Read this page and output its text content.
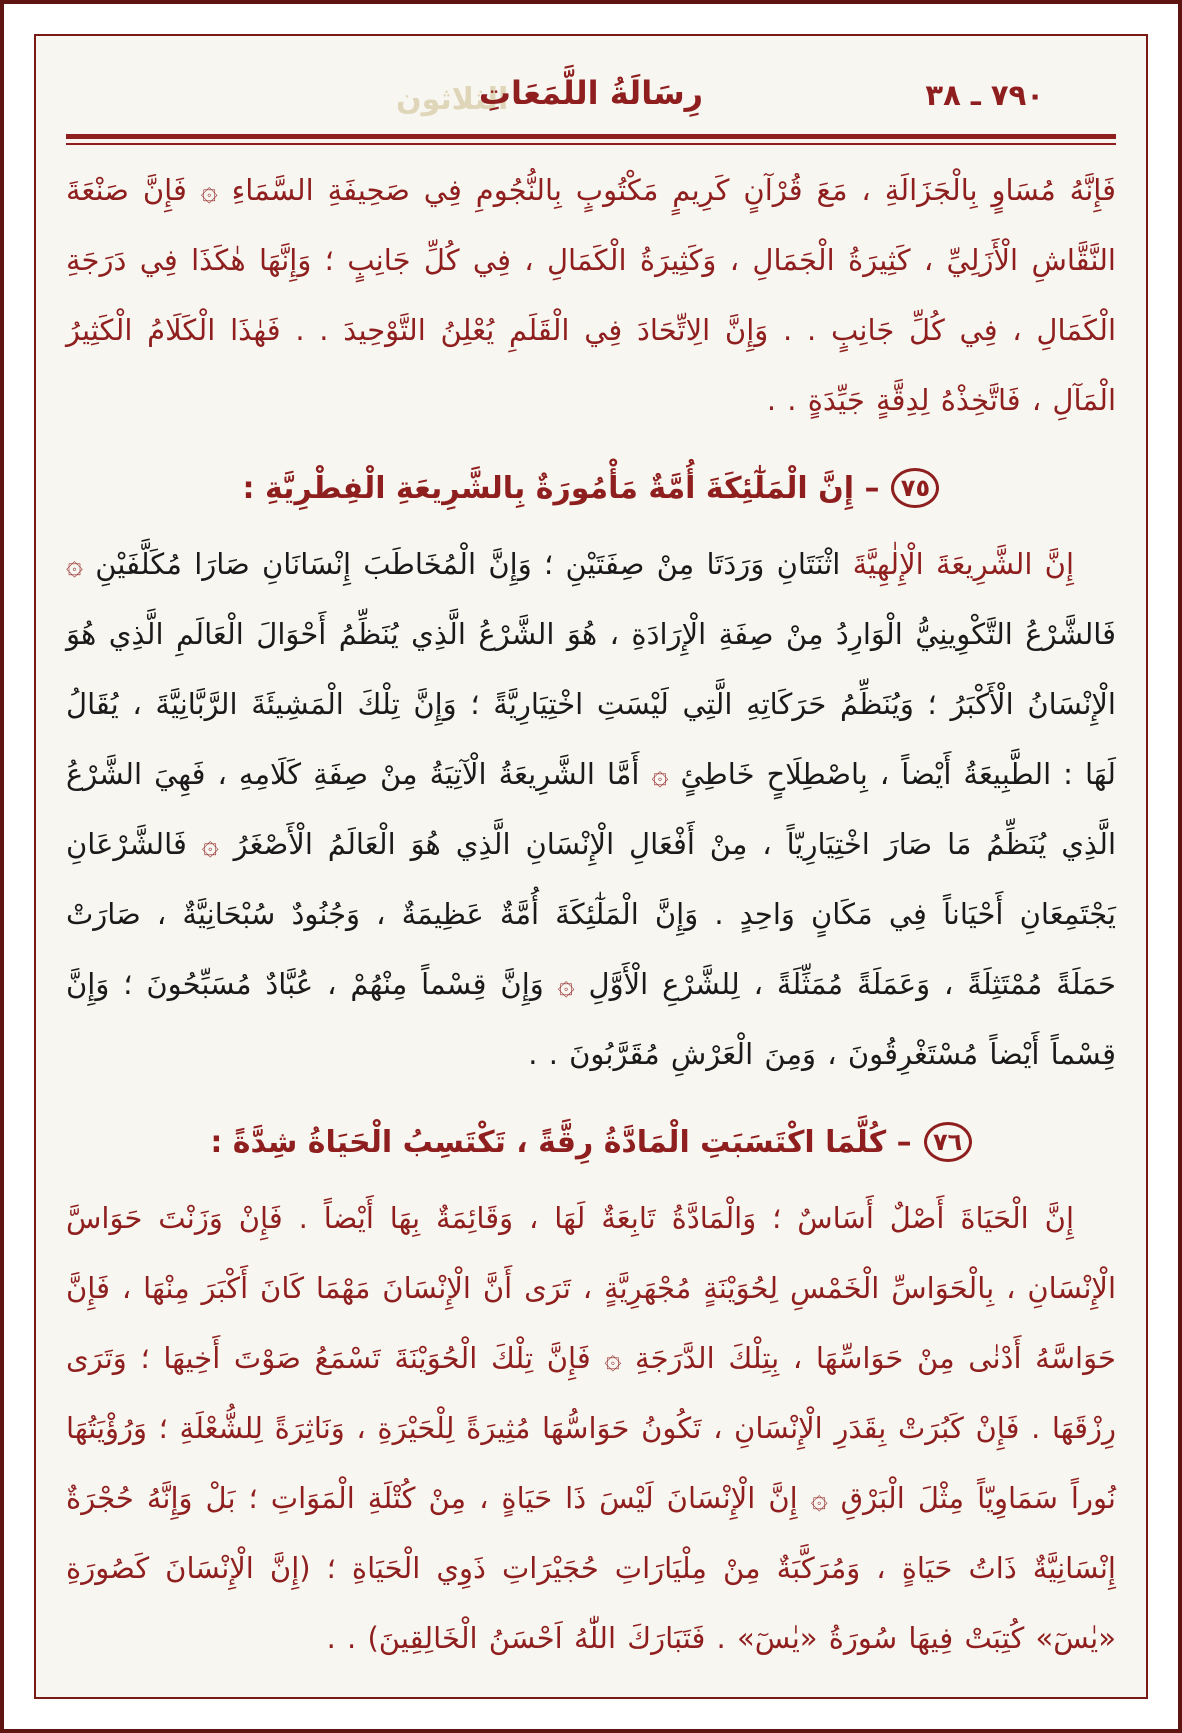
الثلاثون
رِسَالَةُ اللَّمَعَاتِ	٧٩٠ ـ ٣٨

فَإِنَّهُ مُسَاوٍ بِالْجَزَالَةِ ، مَعَ قُرْآنٍ كَرِيمٍ مَكْتُوبٍ بِالنُّجُومِ فِي صَحِيفَةِ السَّمَاءِ ۞ فَإِنَّ صَنْعَةَ النَّقَّاشِ الْأَزَلِيِّ ، كَثِيرَةُ الْجَمَالِ ، وَكَثِيرَةُ الْكَمَالِ ، فِي كُلِّ جَانِبٍ ؛ وَإِنَّهَا هٰكَذَا فِي دَرَجَةِ الْكَمَالِ ، فِي كُلِّ جَانِبٍ . . وَإِنَّ الِاتِّحَادَ فِي الْقَلَمِ يُعْلِنُ التَّوْحِيدَ . . فَهٰذَا الْكَلَامُ الْكَثِيرُ الْمَآلِ ، فَاتَّخِذْهُ لِدِقَّةٍ جَيِّدَةٍ . .

٧٥
– إِنَّ الْمَلٰٓئِكَةَ أُمَّةٌ مَأْمُورَةٌ بِالشَّرِيعَةِ الْفِطْرِيَّةِ :

إِنَّ الشَّرِيعَةَ الْإِلٰهِيَّةَ اثْنَتَانِ وَرَدَتَا مِنْ صِفَتَيْنِ ؛ وَإِنَّ الْمُخَاطَبَ إِنْسَانَانِ صَارَا مُكَلَّفَيْنِ ۞ فَالشَّرْعُ التَّكْوِينِيُّ الْوَارِدُ مِنْ صِفَةِ الْإِرَادَةِ ، هُوَ الشَّرْعُ الَّذِي يُنَظِّمُ أَحْوَالَ الْعَالَمِ الَّذِي هُوَ الْإِنْسَانُ الْأَكْبَرُ ؛ وَيُنَظِّمُ حَرَكَاتِهِ الَّتِي لَيْسَتِ اخْتِيَارِيَّةً ؛ وَإِنَّ تِلْكَ الْمَشِيئَةَ الرَّبَّانِيَّةَ ، يُقَالُ لَهَا : الطَّبِيعَةُ أَيْضاً ، بِاصْطِلَاحٍ خَاطِئٍ ۞ أَمَّا الشَّرِيعَةُ الْآتِيَةُ مِنْ صِفَةِ كَلَامِهِ ، فَهِيَ الشَّرْعُ الَّذِي يُنَظِّمُ مَا صَارَ اخْتِيَارِيّاً ، مِنْ أَفْعَالِ الْإِنْسَانِ الَّذِي هُوَ الْعَالَمُ الْأَصْغَرُ ۞ فَالشَّرْعَانِ يَجْتَمِعَانِ أَحْيَاناً فِي مَكَانٍ وَاحِدٍ . وَإِنَّ الْمَلٰٓئِكَةَ أُمَّةٌ عَظِيمَةٌ ، وَجُنُودٌ سُبْحَانِيَّةٌ ، صَارَتْ حَمَلَةً مُمْتَثِلَةً ، وَعَمَلَةً مُمَثِّلَةً ، لِلشَّرْعِ الْأَوَّلِ ۞ وَإِنَّ قِسْماً مِنْهُمْ ، عُبَّادٌ مُسَبِّحُونَ ؛ وَإِنَّ قِسْماً أَيْضاً مُسْتَغْرِقُونَ ، وَمِنَ الْعَرْشِ مُقَرَّبُونَ . .

٧٦
– كُلَّمَا اكْتَسَبَتِ الْمَادَّةُ رِقَّةً ، تَكْتَسِبُ الْحَيَاةُ شِدَّةً :

إِنَّ الْحَيَاةَ أَصْلٌ أَسَاسٌ ؛ وَالْمَادَّةُ تَابِعَةٌ لَهَا ، وَقَائِمَةٌ بِهَا أَيْضاً . فَإِنْ وَزَنْتَ حَوَاسَّ الْإِنْسَانِ ، بِالْحَوَاسِّ الْخَمْسِ لِحُوَيْنَةٍ مُجْهَرِيَّةٍ ، تَرَى أَنَّ الْإِنْسَانَ مَهْمَا كَانَ أَكْبَرَ مِنْهَا ، فَإِنَّ حَوَاسَّهُ أَدْنٰى مِنْ حَوَاسِّهَا ، بِتِلْكَ الدَّرَجَةِ ۞ فَإِنَّ تِلْكَ الْحُوَيْنَةَ تَسْمَعُ صَوْتَ أَخِيهَا ؛ وَتَرَى رِزْقَهَا . فَإِنْ كَبُرَتْ بِقَدَرِ الْإِنْسَانِ ، تَكُونُ حَوَاسُّهَا مُثِيرَةً لِلْحَيْرَةِ ، وَنَاثِرَةً لِلشُّعْلَةِ ؛ وَرُؤْيَتُهَا نُوراً سَمَاوِيّاً مِثْلَ الْبَرْقِ ۞ إِنَّ الْإِنْسَانَ لَيْسَ ذَا حَيَاةٍ ، مِنْ كُتْلَةِ الْمَوَاتِ ؛ بَلْ وَإِنَّهُ حُجْرَةٌ إِنْسَانِيَّةٌ ذَاتُ حَيَاةٍ ، وَمُرَكَّبَةٌ مِنْ مِلْيَارَاتِ حُجَيْرَاتِ ذَوِي الْحَيَاةِ ؛ (إِنَّ الْإِنْسَانَ كَصُورَةِ «يٰسٓ» كُتِبَتْ فِيهَا سُورَةُ «يٰسٓ» . فَتَبَارَكَ اللّٰهُ اَحْسَنُ الْخَالِقِينَ) . .
